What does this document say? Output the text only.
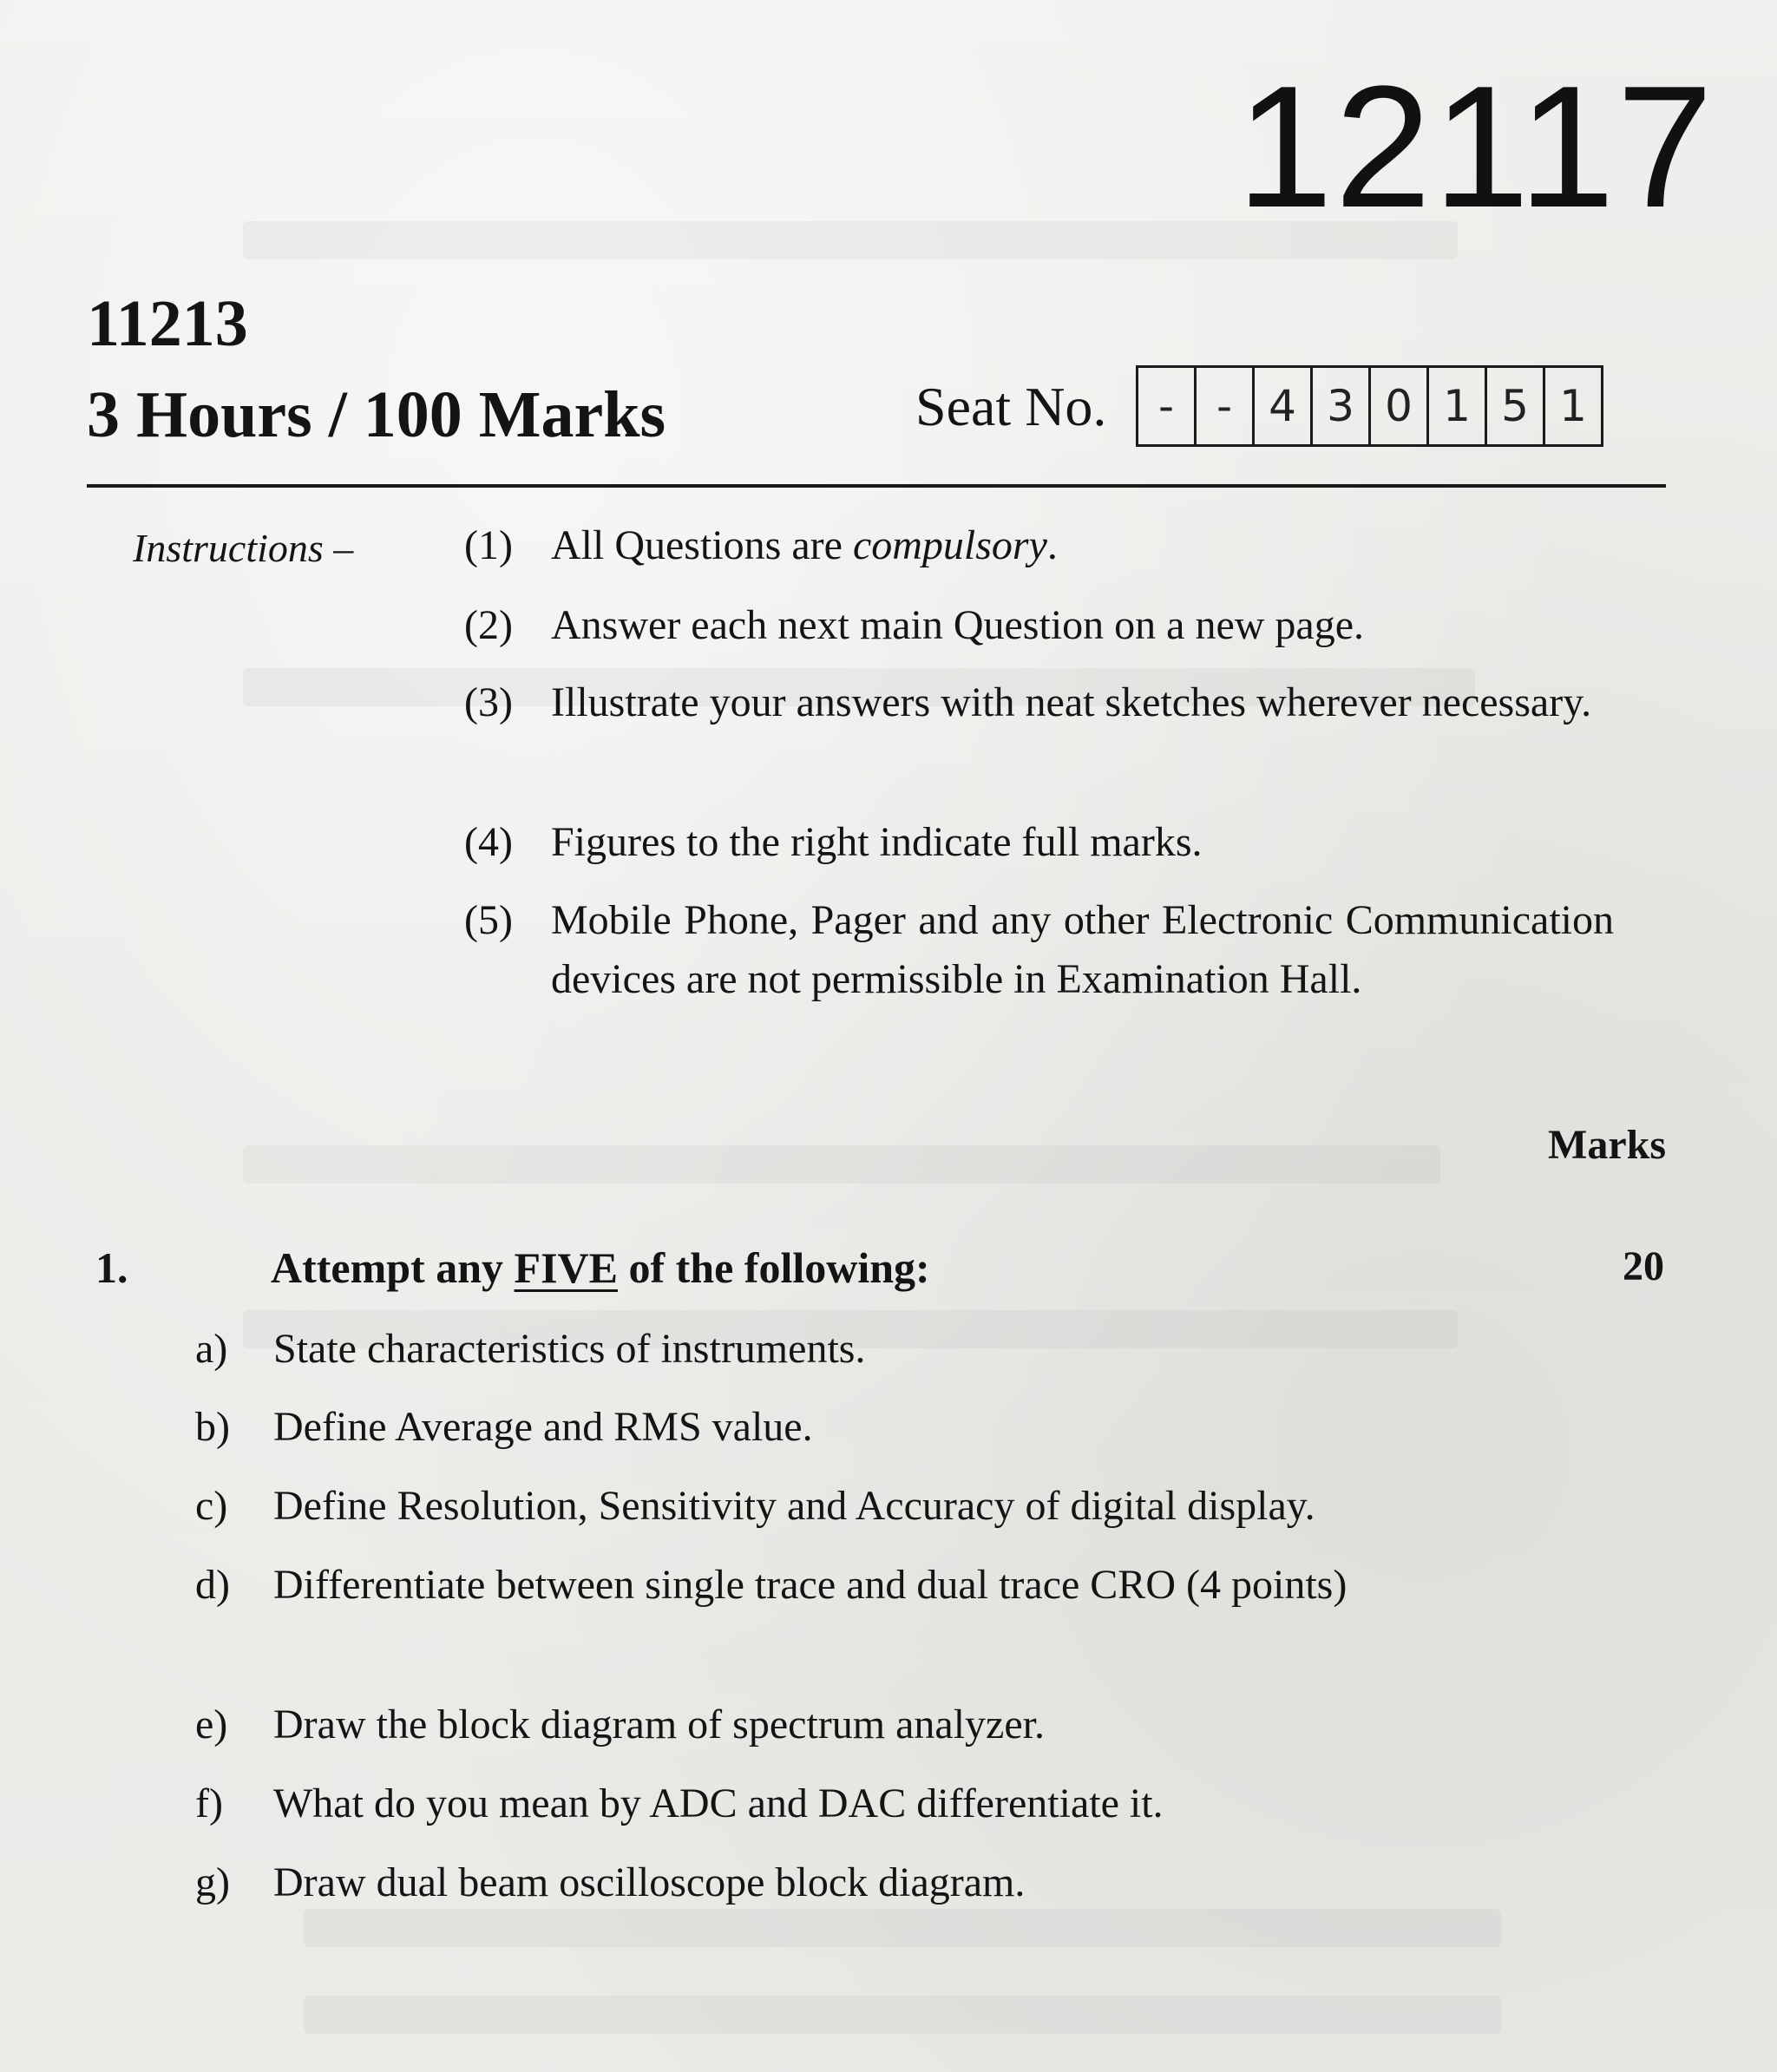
12117
11213
3 Hours / 100 Marks	Seat No.	- - 4 3 0 1 5 1
Instructions –	(1) All Questions are compulsory.
(2) Answer each next main Question on a new page.
(3) Illustrate your answers with neat sketches wherever necessary.
(4) Figures to the right indicate full marks.
(5) Mobile Phone, Pager and any other Electronic Communication devices are not permissible in Examination Hall.
Marks
1.	Attempt any FIVE of the following:	20
a)	State characteristics of instruments.
b)	Define Average and RMS value.
c)	Define Resolution, Sensitivity and Accuracy of digital display.
d)	Differentiate between single trace and dual trace CRO (4 points)
e)	Draw the block diagram of spectrum analyzer.
f)	What do you mean by ADC and DAC differentiate it.
g)	Draw dual beam oscilloscope block diagram.
